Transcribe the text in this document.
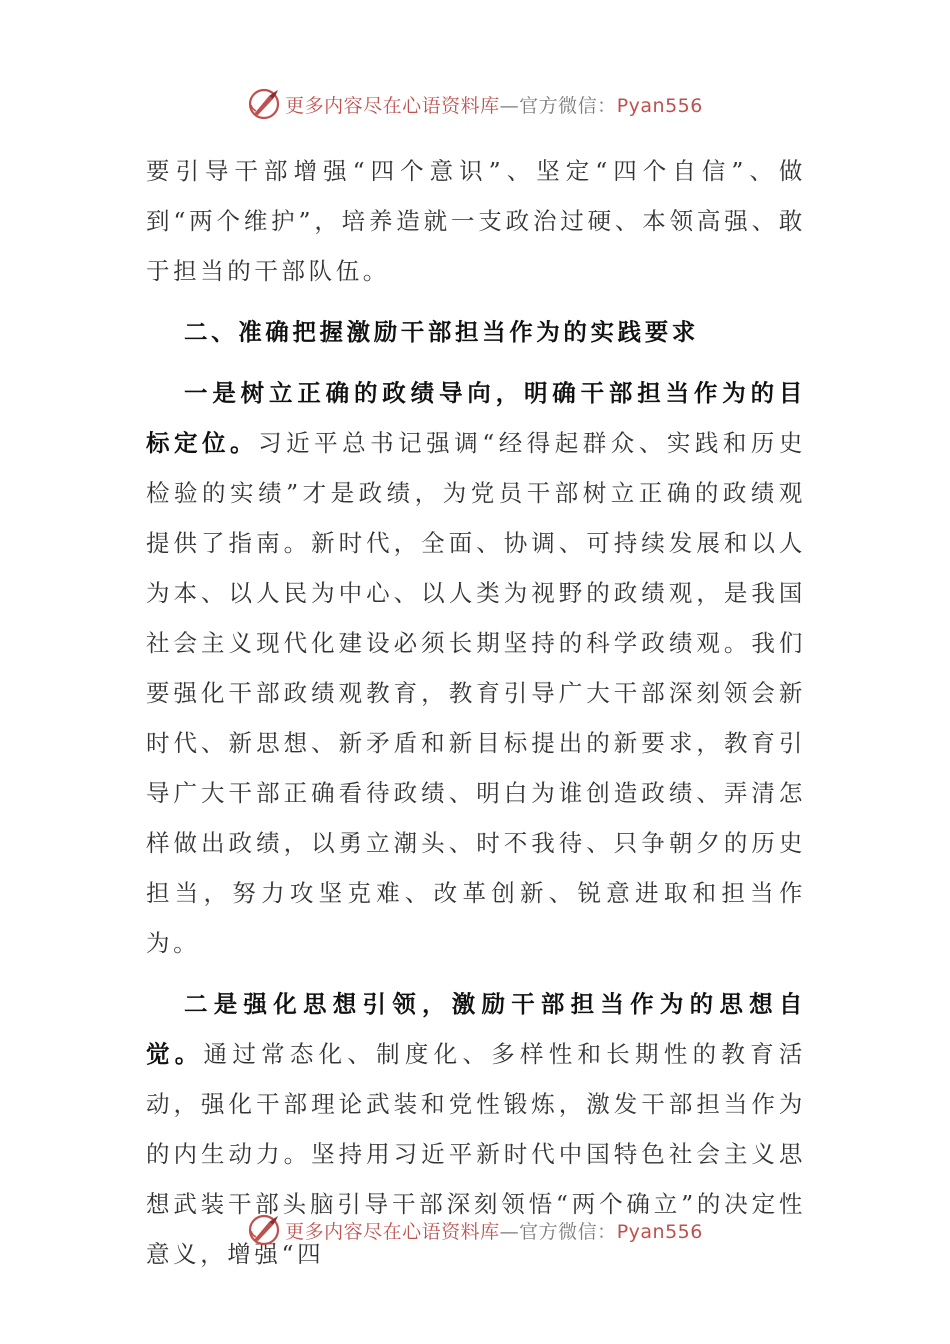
更多内容尽在心语资料库—官方微信：Pyan556

要引导干部增强“四个意识”、坚定“四个自信”、做到“两个维护”，培养造就一支政治过硬、本领高强、敢于担当的干部队伍。

二、准确把握激励干部担当作为的实践要求

一是树立正确的政绩导向，明确干部担当作为的目标定位。习近平总书记强调“经得起群众、实践和历史检验的实绩”才是政绩，为党员干部树立正确的政绩观提供了指南。新时代，全面、协调、可持续发展和以人为本、以人民为中心、以人类为视野的政绩观，是我国社会主义现代化建设必须长期坚持的科学政绩观。我们要强化干部政绩观教育，教育引导广大干部深刻领会新时代、新思想、新矛盾和新目标提出的新要求，教育引导广大干部正确看待政绩、明白为谁创造政绩、弄清怎样做出政绩，以勇立潮头、时不我待、只争朝夕的历史担当，努力攻坚克难、改革创新、锐意进取和担当作为。

二是强化思想引领，激励干部担当作为的思想自觉。通过常态化、制度化、多样性和长期性的教育活动，强化干部理论武装和党性锻炼，激发干部担当作为的内生动力。坚持用习近平新时代中国特色社会主义思想武装干部头脑引导干部深刻领悟“两个确立”的决定性意义，增强“四

更多内容尽在心语资料库—官方微信：Pyan556
